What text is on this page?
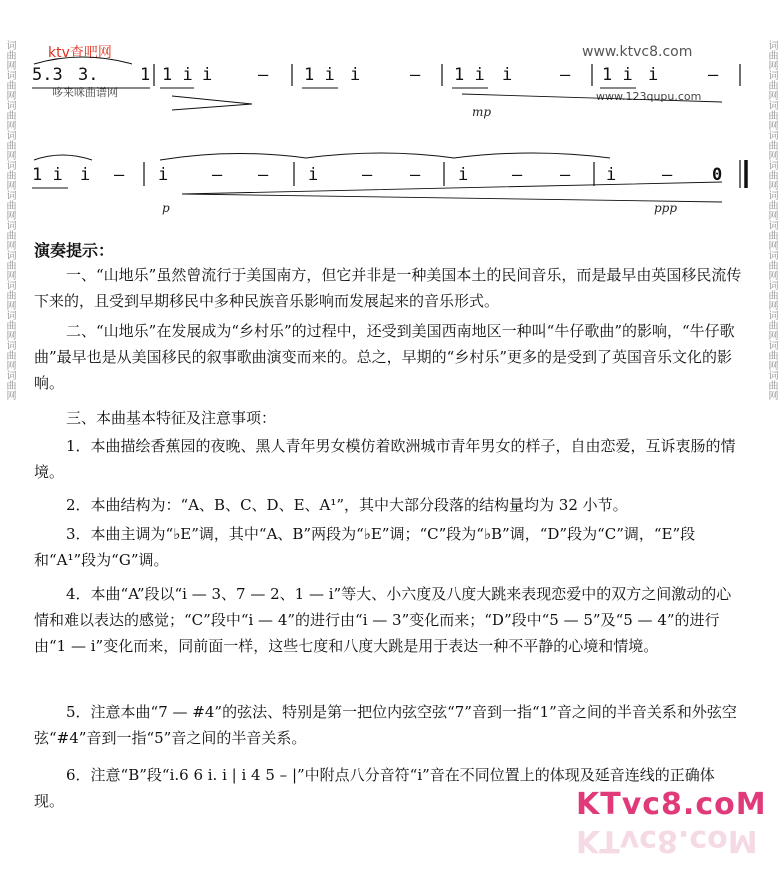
词曲网词曲网词曲网词曲网词曲网词曲网词曲网词曲网词曲网词曲网词曲网词曲网	词曲网词曲网词曲网词曲网词曲网词曲网词曲网词曲网词曲网词曲网词曲网词曲网
ktv查吧网	www.ktvc8.com
哆来咪曲谱网	www.123qupu.com
5.3 3. 1 1 i i	– 1 i i	– 1 i i	– 1 i i	–
mp
1 i i – i	– – i	– – i	– – i	– 0
p	ppp
演奏提示：
一、“山地乐”虽然曾流行于美国南方，但它并非是一种美国本土的民间音乐，而是最早由英国移民流传下来的，且受到早期移民中多种民族音乐影响而发展起来的音乐形式。
二、“山地乐”在发展成为“乡村乐”的过程中，还受到美国西南地区一种叫“牛仔歌曲”的影响，“牛仔歌曲”最早也是从美国移民的叙事歌曲演变而来的。总之，早期的“乡村乐”更多的是受到了英国音乐文化的影响。
三、本曲基本特征及注意事项：
1．本曲描绘香蕉园的夜晚、黑人青年男女模仿着欧洲城市青年男女的样子，自由恋爱，互诉衷肠的情境。
2．本曲结构为：“A、B、C、D、E、A¹”，其中大部分段落的结构量均为 32 小节。
3．本曲主调为“♭E”调，其中“A、B”两段为“♭E”调；“C”段为“♭B”调，“D”段为“C”调，“E”段和“A¹”段为“G”调。
4．本曲“A”段以“i — 3、7 — 2、1 — i”等大、小六度及八度大跳来表现恋爱中的双方之间激动的心情和难以表达的感觉；“C”段中“i — 4”的进行由“i — 3”变化而来；“D”段中“5 — 5”及“5 — 4”的进行由“1 — i”变化而来，同前面一样，这些七度和八度大跳是用于表达一种不平静的心境和情境。
5．注意本曲“7 — #4”的弦法、特别是第一把位内弦空弦“7”音到一指“1”音之间的半音关系和外弦空弦“#4”音到一指“5”音之间的半音关系。
6．注意“B”段“i.6 6 i. i | i 4 5 – |”中附点八分音符“i”音在不同位置上的体现及延音连线的正确体现。	KTvc8.coM
KTvc8.coM
